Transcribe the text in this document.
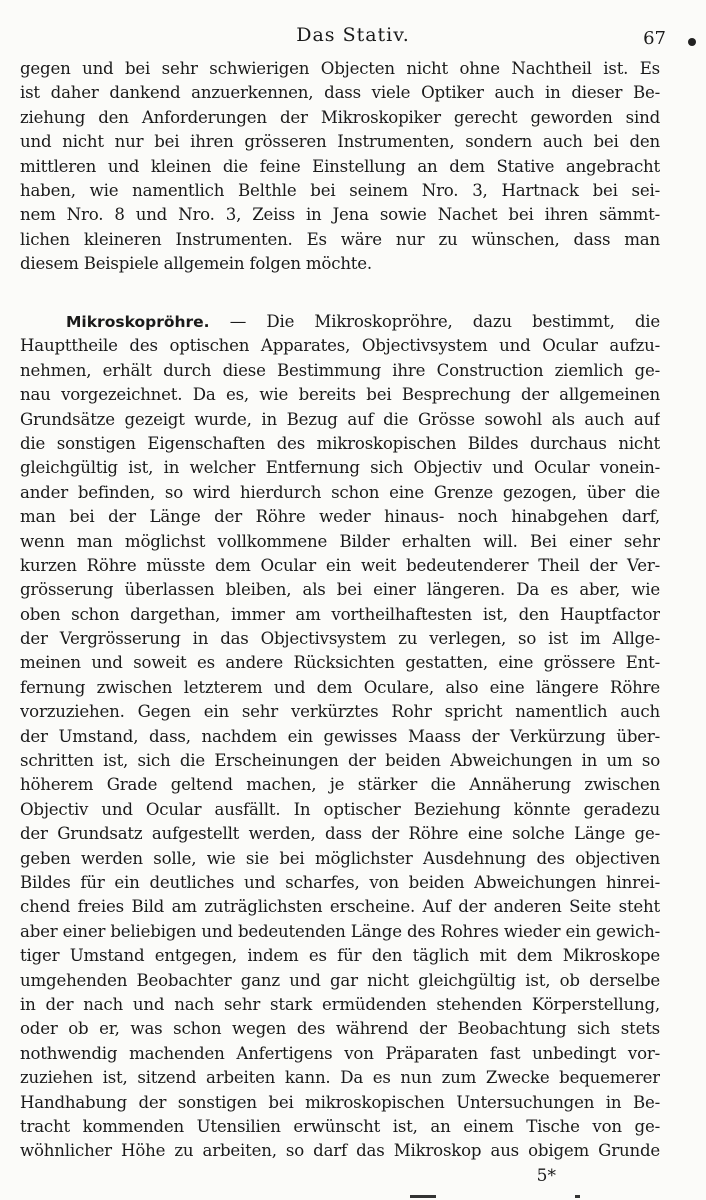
Das Stativ.	67
gegen und bei sehr schwierigen Objecten nicht ohne Nachtheil ist. Es
ist daher dankend anzuerkennen, dass viele Optiker auch in dieser Be-
ziehung den Anforderungen der Mikroskopiker gerecht geworden sind
und nicht nur bei ihren grösseren Instrumenten, sondern auch bei den
mittleren und kleinen die feine Einstellung an dem Stative angebracht
haben, wie namentlich Belthle bei seinem Nro. 3, Hartnack bei sei-
nem Nro. 8 und Nro. 3, Zeiss in Jena sowie Nachet bei ihren sämmt-
lichen kleineren Instrumenten. Es wäre nur zu wünschen, dass man
diesem Beispiele allgemein folgen möchte.
Mikroskopröhre. — Die Mikroskopröhre, dazu bestimmt, die
Haupttheile des optischen Apparates, Objectivsystem und Ocular aufzu-
nehmen, erhält durch diese Bestimmung ihre Construction ziemlich ge-
nau vorgezeichnet. Da es, wie bereits bei Besprechung der allgemeinen
Grundsätze gezeigt wurde, in Bezug auf die Grösse sowohl als auch auf
die sonstigen Eigenschaften des mikroskopischen Bildes durchaus nicht
gleichgültig ist, in welcher Entfernung sich Objectiv und Ocular vonein-
ander befinden, so wird hierdurch schon eine Grenze gezogen, über die
man bei der Länge der Röhre weder hinaus- noch hinabgehen darf,
wenn man möglichst vollkommene Bilder erhalten will. Bei einer sehr
kurzen Röhre müsste dem Ocular ein weit bedeutenderer Theil der Ver-
grösserung überlassen bleiben, als bei einer längeren. Da es aber, wie
oben schon dargethan, immer am vortheilhaftesten ist, den Hauptfactor
der Vergrösserung in das Objectivsystem zu verlegen, so ist im Allge-
meinen und soweit es andere Rücksichten gestatten, eine grössere Ent-
fernung zwischen letzterem und dem Oculare, also eine längere Röhre
vorzuziehen. Gegen ein sehr verkürztes Rohr spricht namentlich auch
der Umstand, dass, nachdem ein gewisses Maass der Verkürzung über-
schritten ist, sich die Erscheinungen der beiden Abweichungen in um so
höherem Grade geltend machen, je stärker die Annäherung zwischen
Objectiv und Ocular ausfällt. In optischer Beziehung könnte geradezu
der Grundsatz aufgestellt werden, dass der Röhre eine solche Länge ge-
geben werden solle, wie sie bei möglichster Ausdehnung des objectiven
Bildes für ein deutliches und scharfes, von beiden Abweichungen hinrei-
chend freies Bild am zuträglichsten erscheine. Auf der anderen Seite steht
aber einer beliebigen und bedeutenden Länge des Rohres wieder ein gewich-
tiger Umstand entgegen, indem es für den täglich mit dem Mikroskope
umgehenden Beobachter ganz und gar nicht gleichgültig ist, ob derselbe
in der nach und nach sehr stark ermüdenden stehenden Körperstellung,
oder ob er, was schon wegen des während der Beobachtung sich stets
nothwendig machenden Anfertigens von Präparaten fast unbedingt vor-
zuziehen ist, sitzend arbeiten kann. Da es nun zum Zwecke bequemerer
Handhabung der sonstigen bei mikroskopischen Untersuchungen in Be-
tracht kommenden Utensilien erwünscht ist, an einem Tische von ge-
wöhnlicher Höhe zu arbeiten, so darf das Mikroskop aus obigem Grunde
5*
